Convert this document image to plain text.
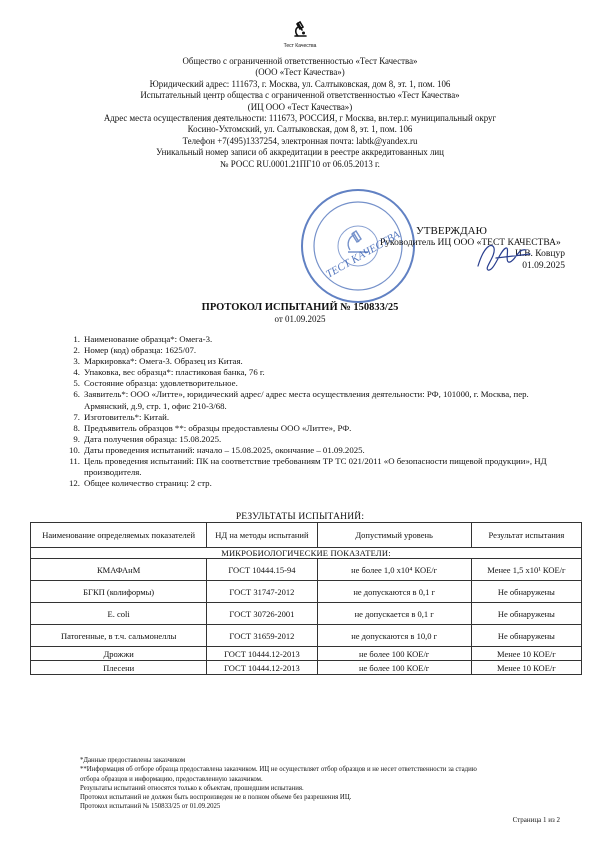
Тест Качества
Общество с ограниченной ответственностью «Тест Качества»
(ООО «Тест Качества»)
Юридический адрес: 111673, г. Москва, ул. Салтыковская, дом 8, эт. 1, пом. 106
Испытательный центр общества с ограниченной ответственностью «Тест Качества»
(ИЦ ООО «Тест Качества»)
Адрес места осуществления деятельности: 111673, РОССИЯ, г Москва, вн.тер.г. муниципальный округ
Косино-Ухтомский, ул. Салтыковская, дом 8, эт. 1, пом. 106
Телефон +7(495)1337254, электронная почта: labtk@yandex.ru
Уникальный номер записи об аккредитации в реестре аккредитованных лиц
№ РОСС RU.0001.21ПГ10 от 06.05.2013 г.
ТЕСТ КАЧЕСТВА	УТВЕРЖДАЮ
Руководитель ИЦ ООО «ТЕСТ КАЧЕСТВА»
И.В. Ковцур
01.09.2025
ПРОТОКОЛ ИСПЫТАНИЙ № 150833/25
от 01.09.2025
1. Наименование образца*: Омега-3.
2. Номер (код) образца: 1625/07.
3. Маркировка*: Омега-3. Образец из Китая.
4. Упаковка, вес образца*: пластиковая банка, 76 г.
5. Состояние образца: удовлетворительное.
6. Заявитель*: ООО «Литте», юридический адрес/ адрес места осуществления деятельности: РФ, 101000, г. Москва, пер. Армянский, д.9, стр. 1, офис 210-3/68.
7. Изготовитель*: Китай.
8. Предъявитель образцов **: образцы предоставлены ООО «Литте», РФ.
9. Дата получения образца: 15.08.2025.
10. Даты проведения испытаний: начало – 15.08.2025, окончание – 01.09.2025.
11. Цель проведения испытаний: ПК на соответствие требованиям ТР ТС 021/2011 «О безопасности пищевой продукции», НД производителя.
12. Общее количество страниц: 2 стр.
РЕЗУЛЬТАТЫ ИСПЫТАНИЙ:
Наименование определяемых показателей	НД на методы испытаний	Допустимый уровень	Результат испытания
МИКРОБИОЛОГИЧЕСКИЕ ПОКАЗАТЕЛИ:			
КМАФАнМ	ГОСТ 10444.15-94	не более 1,0 х10⁴ КОЕ/г	Менее 1,5 х10¹ КОЕ/г
БГКП (колиформы)	ГОСТ 31747-2012	не допускаются в 0,1 г	Не обнаружены
E. coli	ГОСТ 30726-2001	не допускается в 0,1 г	Не обнаружены
Патогенные, в т.ч. сальмонеллы	ГОСТ 31659-2012	не допускаются в 10,0 г	Не обнаружены
Дрожжи	ГОСТ 10444.12-2013	не более 100 КОЕ/г	Менее 10 КОЕ/г
Плесени	ГОСТ 10444.12-2013	не более 100 КОЕ/г	Менее 10 КОЕ/г
*Данные предоставлены заказчиком
**Информация об отборе образца предоставлена заказчиком. ИЦ не осуществляет отбор образцов и не несет ответственности за стадию
отбора образцов и информацию, предоставленную заказчиком.
Результаты испытаний относятся только к объектам, прошедшим испытания.
Протокол испытаний не должен быть воспроизведен не в полном объеме без разрешения ИЦ.
Протокол испытаний № 150833/25 от 01.09.2025
Страница 1 из 2
